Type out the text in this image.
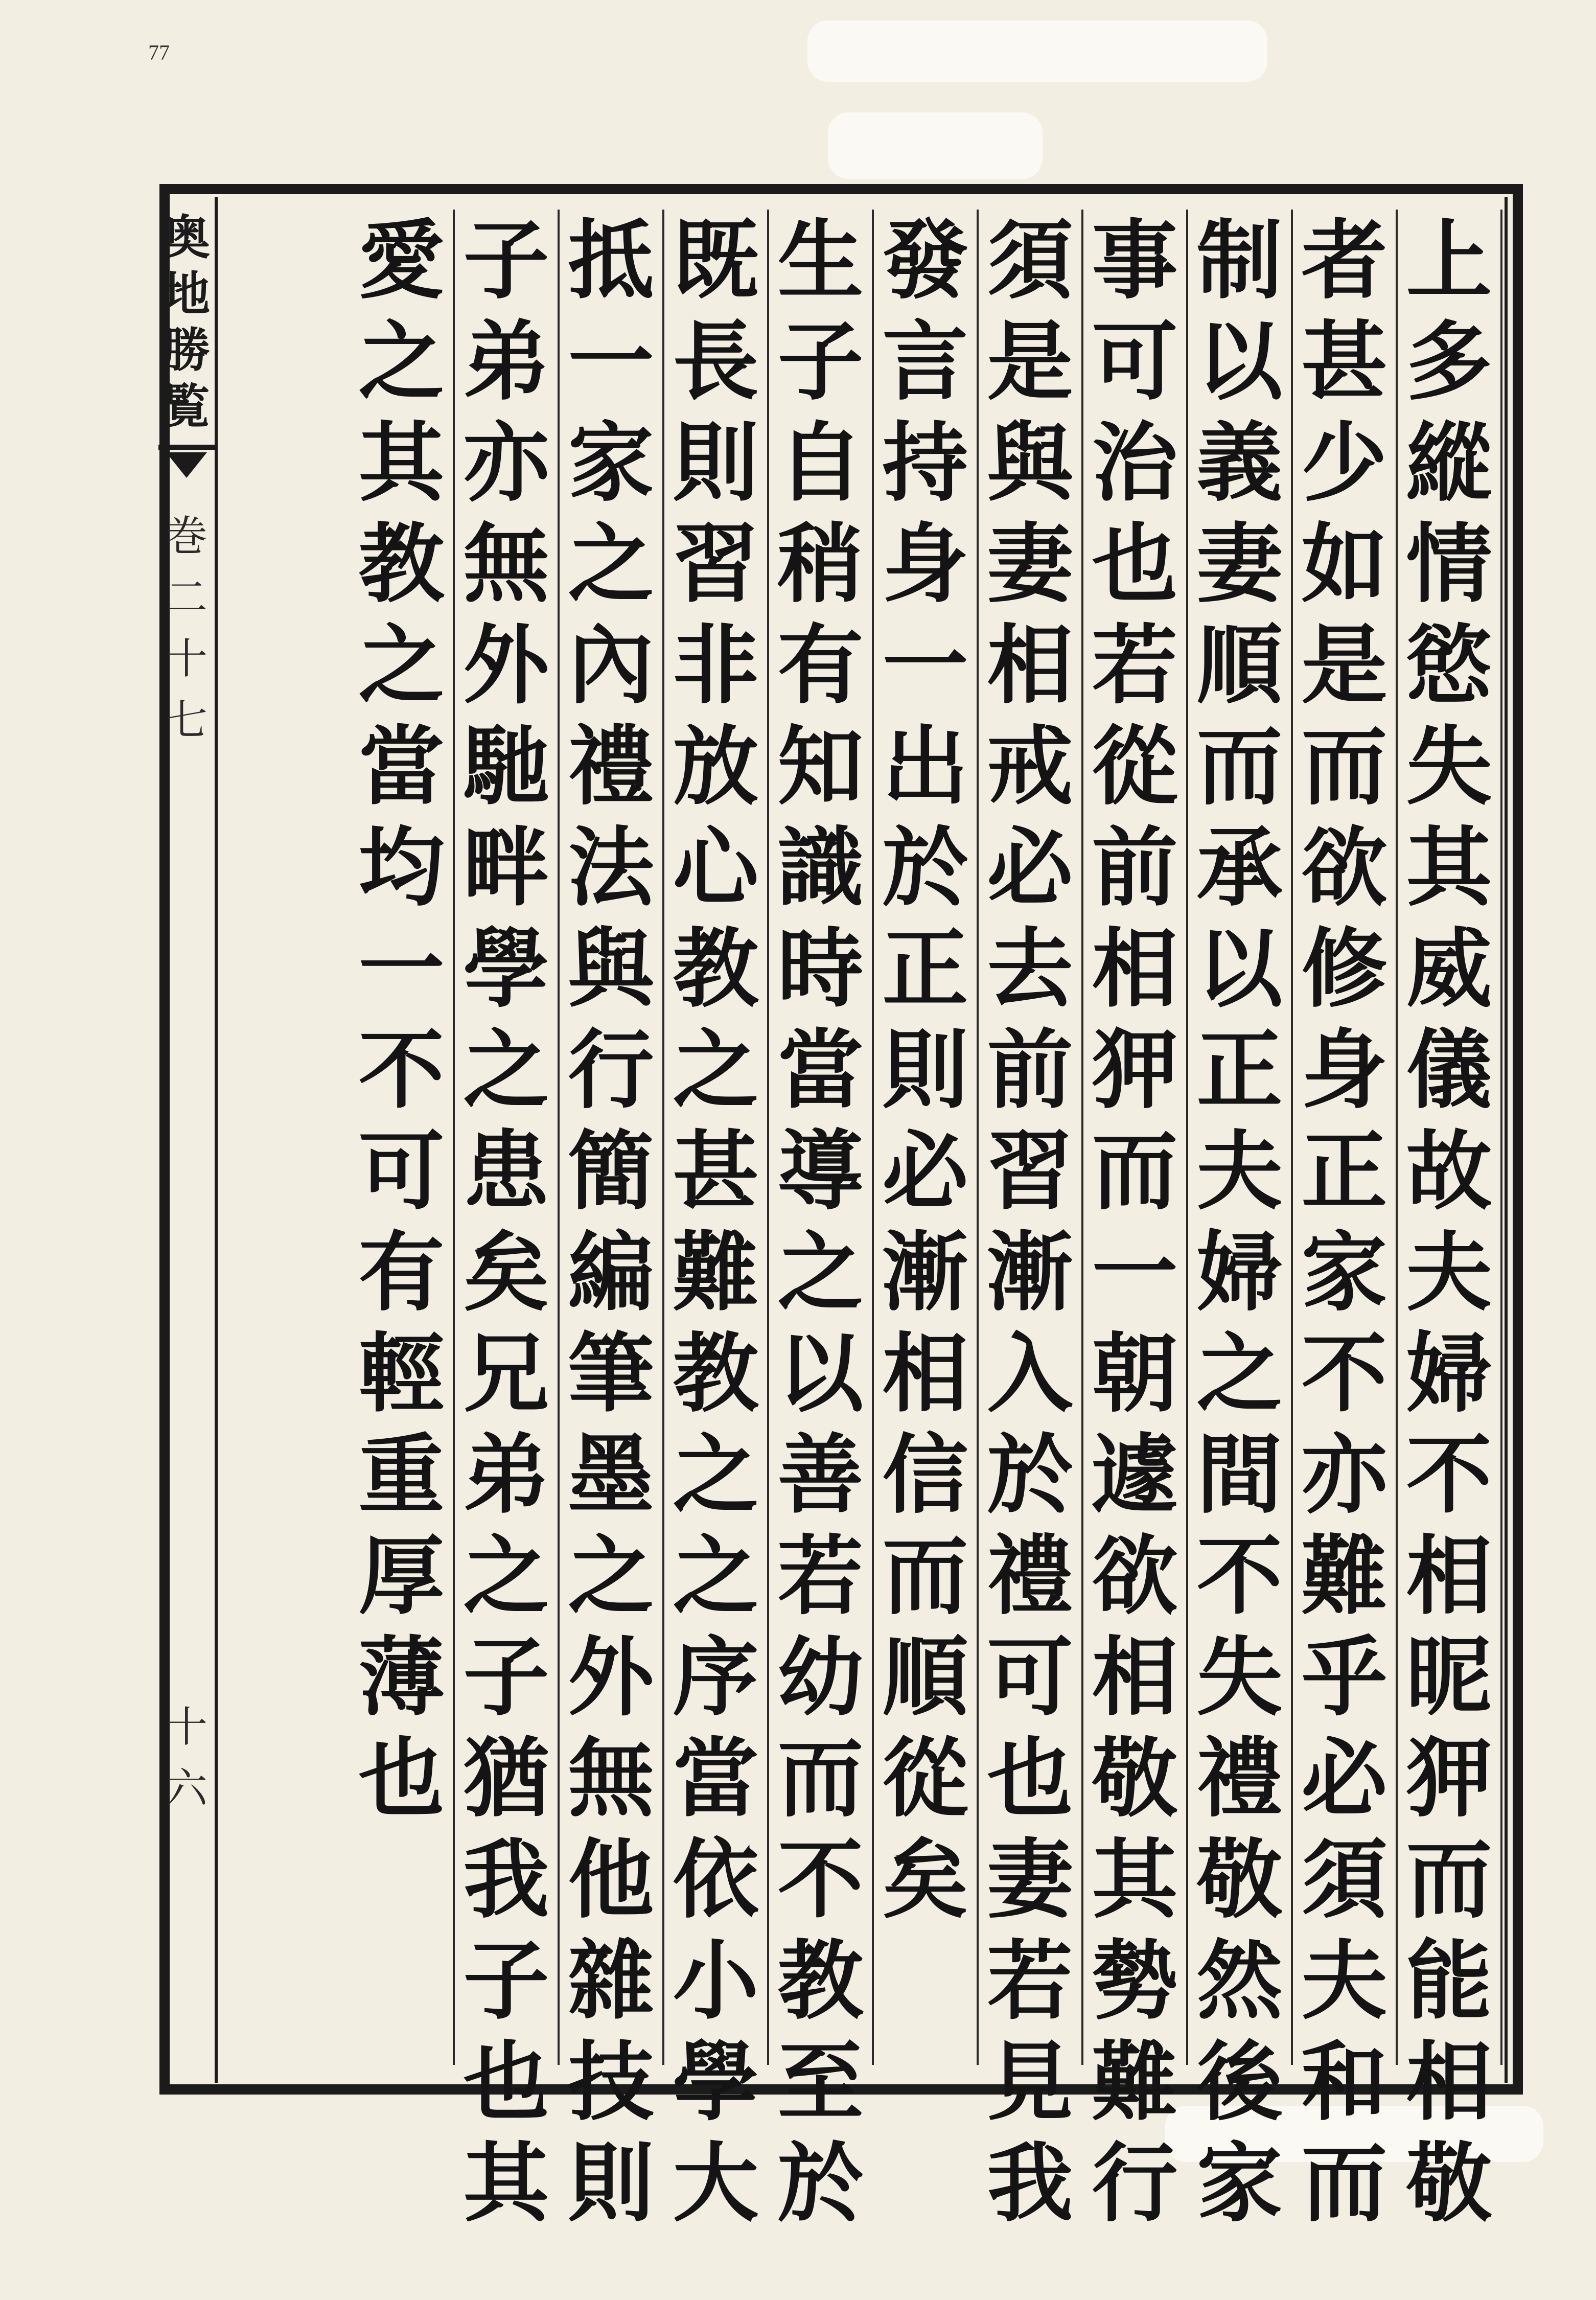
77
上
多
縱
情
慾
失
其
威
儀
故
夫
婦
不
相
昵
狎
而
能
相
敬
者
甚
少
如
是
而
欲
修
身
正
家
不
亦
難
乎
必
須
夫
和
而
制
以
義
妻
順
而
承
以
正
夫
婦
之
間
不
失
禮
敬
然
後
家
事
可
治
也
若
從
前
相
狎
而
一
朝
遽
欲
相
敬
其
勢
難
行
須
是
與
妻
相
戒
必
去
前
習
漸
入
於
禮
可
也
妻
若
見
我
發
言
持
身
一
出
於
正
則
必
漸
相
信
而
順
從
矣
生
子
自
稍
有
知
識
時
當
導
之
以
善
若
幼
而
不
教
至
於
既
長
則
習
非
放
心
教
之
甚
難
教
之
之
序
當
依
小
學
大
抵
一
家
之
內
禮
法
與
行
簡
編
筆
墨
之
外
無
他
雜
技
則
子
弟
亦
無
外
馳
畔
學
之
患
矣
兄
弟
之
子
猶
我
子
也
其
愛
之
其
教
之
當
均
一
不
可
有
輕
重
厚
薄
也
奥
地
勝
覧
巻
二
十
七
十
六
